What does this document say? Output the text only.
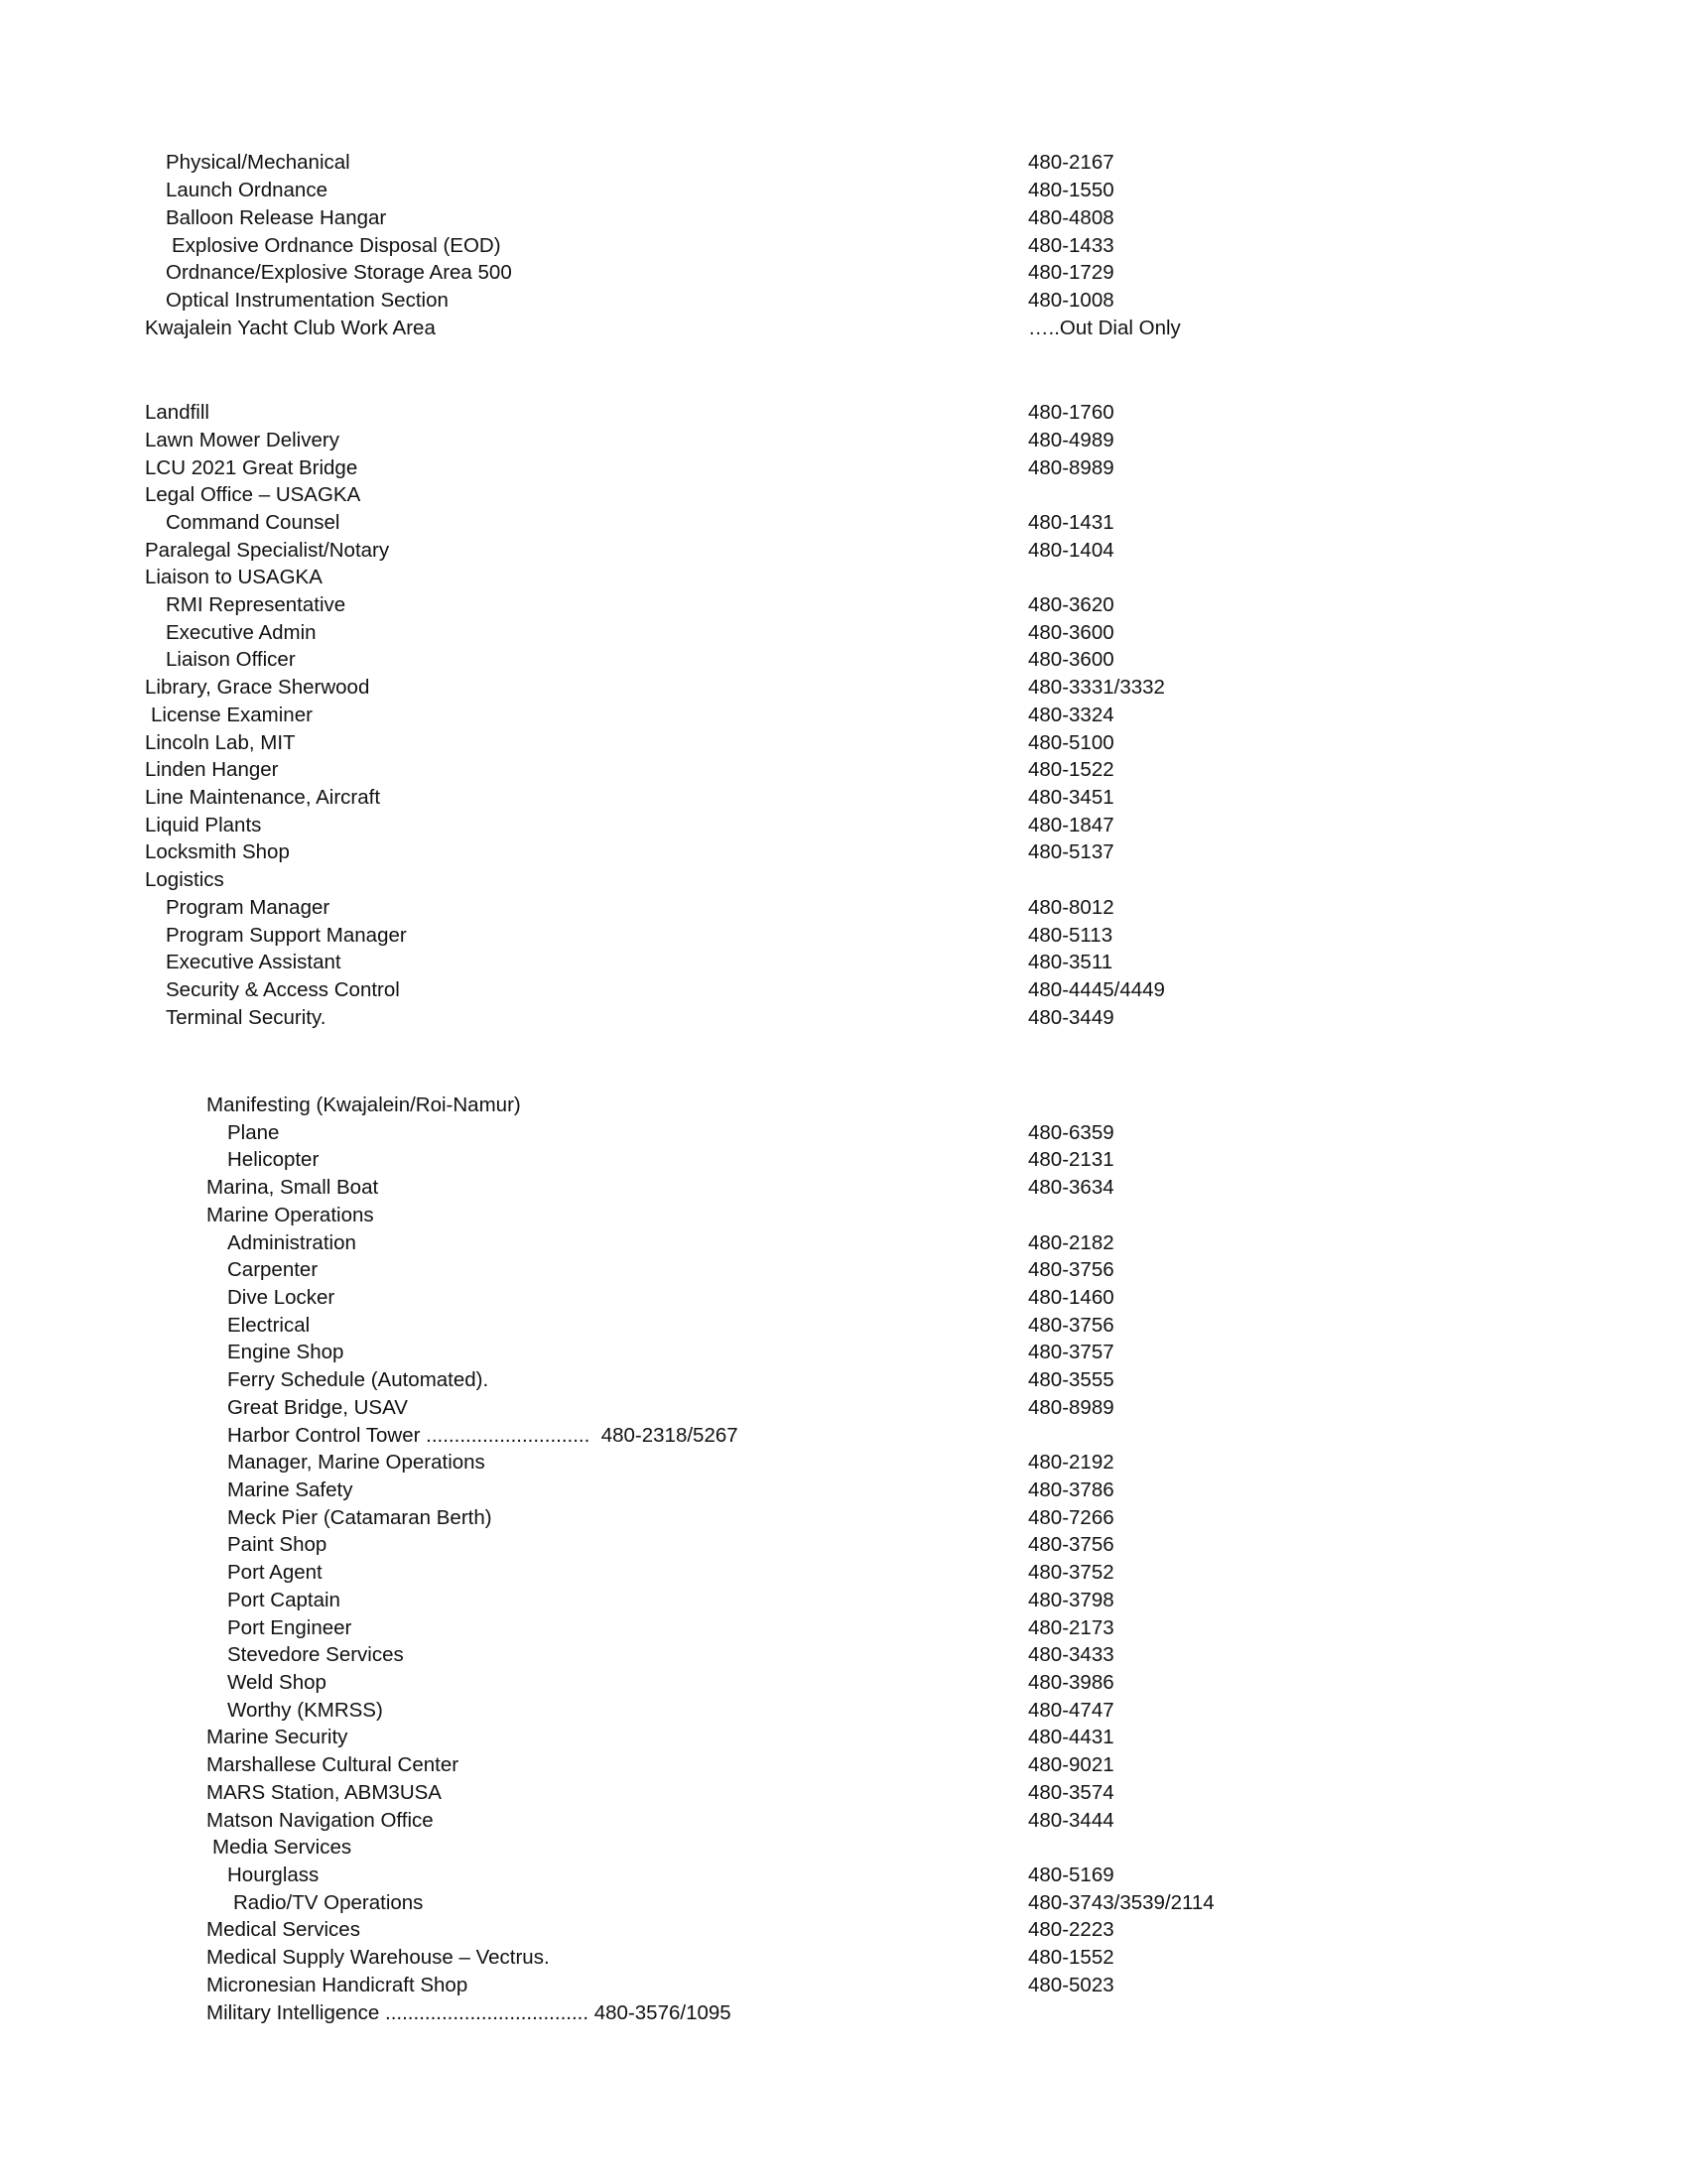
Physical/Mechanical	480-2167
Launch Ordnance	480-1550
Balloon Release Hangar	480-4808
Explosive Ordnance Disposal (EOD)	480-1433
Ordnance/Explosive Storage Area 500	480-1729
Optical Instrumentation Section	480-1008
Kwajalein Yacht Club Work Area	…..Out Dial Only
Landfill	480-1760
Lawn Mower Delivery	480-4989
LCU 2021 Great Bridge	480-8989
Legal Office – USAGKA
Command Counsel	480-1431
Paralegal Specialist/Notary	480-1404
Liaison to USAGKA
RMI Representative	480-3620
Executive Admin	480-3600
Liaison Officer	480-3600
Library, Grace Sherwood	480-3331/3332
License Examiner	480-3324
Lincoln Lab, MIT	480-5100
Linden Hanger	480-1522
Line Maintenance, Aircraft	480-3451
Liquid Plants	480-1847
Locksmith Shop	480-5137
Logistics
Program Manager	480-8012
Program Support Manager	480-5113
Executive Assistant	480-3511
Security & Access Control	480-4445/4449
Terminal Security.	480-3449
Manifesting (Kwajalein/Roi-Namur)
Plane	480-6359
Helicopter	480-2131
Marina, Small Boat	480-3634
Marine Operations
Administration	480-2182
Carpenter	480-3756
Dive Locker	480-1460
Electrical	480-3756
Engine Shop	480-3757
Ferry Schedule (Automated).	480-3555
Great Bridge, USAV	480-8989
Harbor Control Tower .............................  480-2318/5267
Manager, Marine Operations	480-2192
Marine Safety	480-3786
Meck Pier (Catamaran Berth)	480-7266
Paint Shop	480-3756
Port Agent	480-3752
Port Captain	480-3798
Port Engineer	480-2173
Stevedore Services	480-3433
Weld Shop	480-3986
Worthy (KMRSS)	480-4747
Marine Security	480-4431
Marshallese Cultural Center	480-9021
MARS Station, ABM3USA	480-3574
Matson Navigation Office	480-3444
Media Services
Hourglass	480-5169
Radio/TV Operations	480-3743/3539/2114
Medical Services	480-2223
Medical Supply Warehouse – Vectrus.	480-1552
Micronesian Handicraft Shop	480-5023
Military Intelligence .................................... 480-3576/1095
